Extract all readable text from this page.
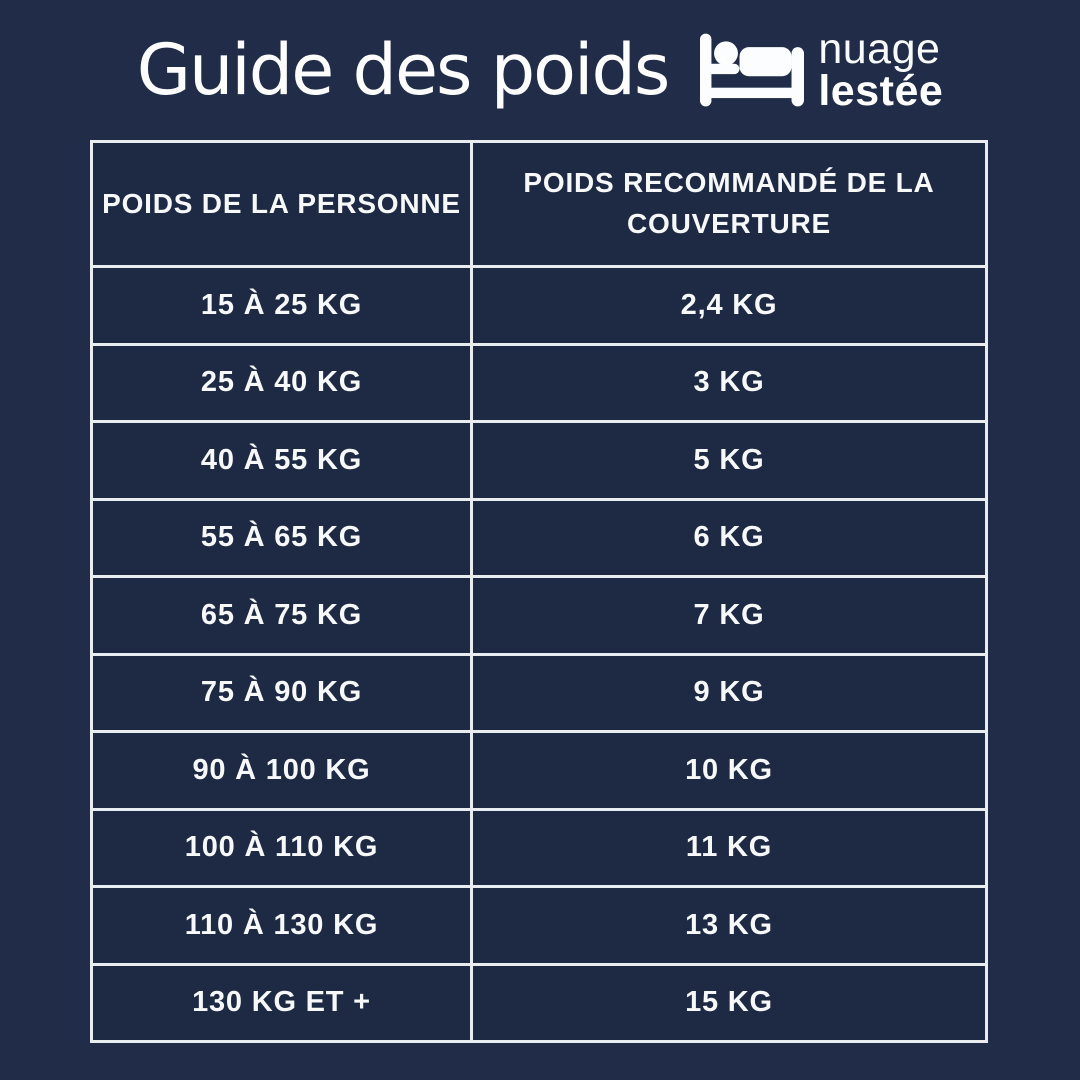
Guide des poids	nuage
lestée
POIDS DE LA PERSONNE	POIDS RECOMMANDÉ DE LA COUVERTURE
15 À 25 KG	2,4 KG
25 À 40 KG	3 KG
40 À 55 KG	5 KG
55 À 65 KG	6 KG
65 À 75 KG	7 KG
75 À 90 KG	9 KG
90 À 100 KG	10 KG
100 À 110 KG	11 KG
110 À 130 KG	13 KG
130 KG ET +	15 KG
